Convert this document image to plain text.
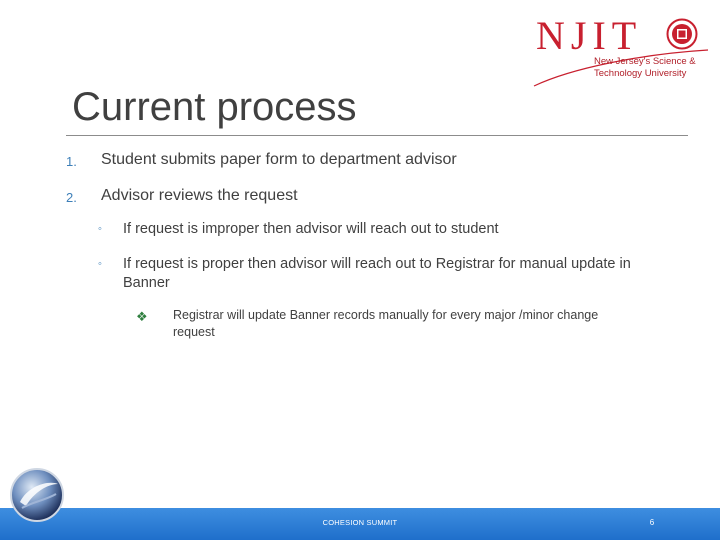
NJIT
New Jersey's Science &
Technology University
Current process
1. Student submits paper form to department advisor
2. Advisor reviews the request
◦ If request is improper then advisor will reach out to student
◦ If request is proper then advisor will reach out to Registrar for manual update in Banner
❖ Registrar will update Banner records manually for every major /minor change request
COHESION SUMMIT	6
